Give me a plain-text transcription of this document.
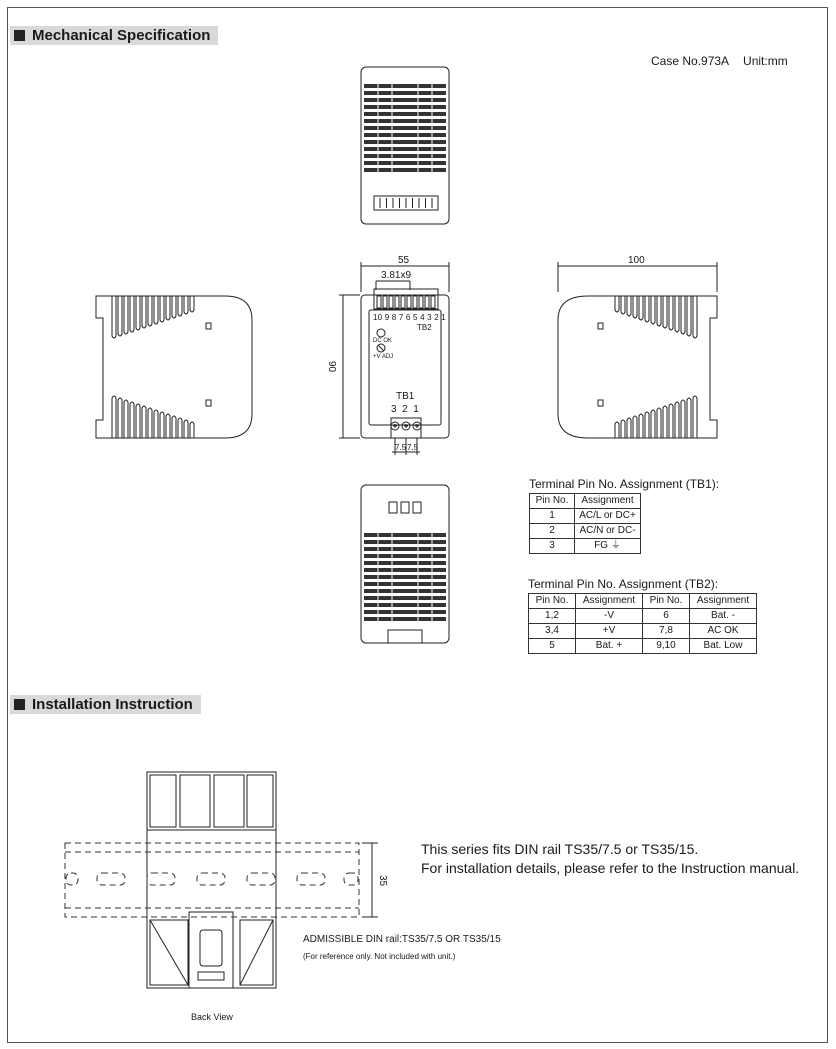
Mechanical Specification
Case No.973A Unit:mm
55
3.81x9
90
100
10 9 8 7 6 5 4 3 2 1
TB2
DC OK
+V ADJ
TB1
3  2  1
7.5 7.5
Terminal Pin No. Assignment (TB1):
Pin No.	Assignment
1	AC/L or DC+
2	AC/N or DC-
3	FG ⏚
Terminal Pin No. Assignment (TB2):
Pin No.	Assignment	Pin No.	Assignment
1,2	-V	6	Bat. -
3,4	+V	7,8	AC OK
5	Bat. +	9,10	Bat. Low
Installation Instruction
This series fits DIN rail TS35/7.5 or TS35/15.
For installation details, please refer to the Instruction manual.
35
ADMISSIBLE DIN rail:TS35/7.5 OR TS35/15
(For reference only. Not included with unit.)
Back View
